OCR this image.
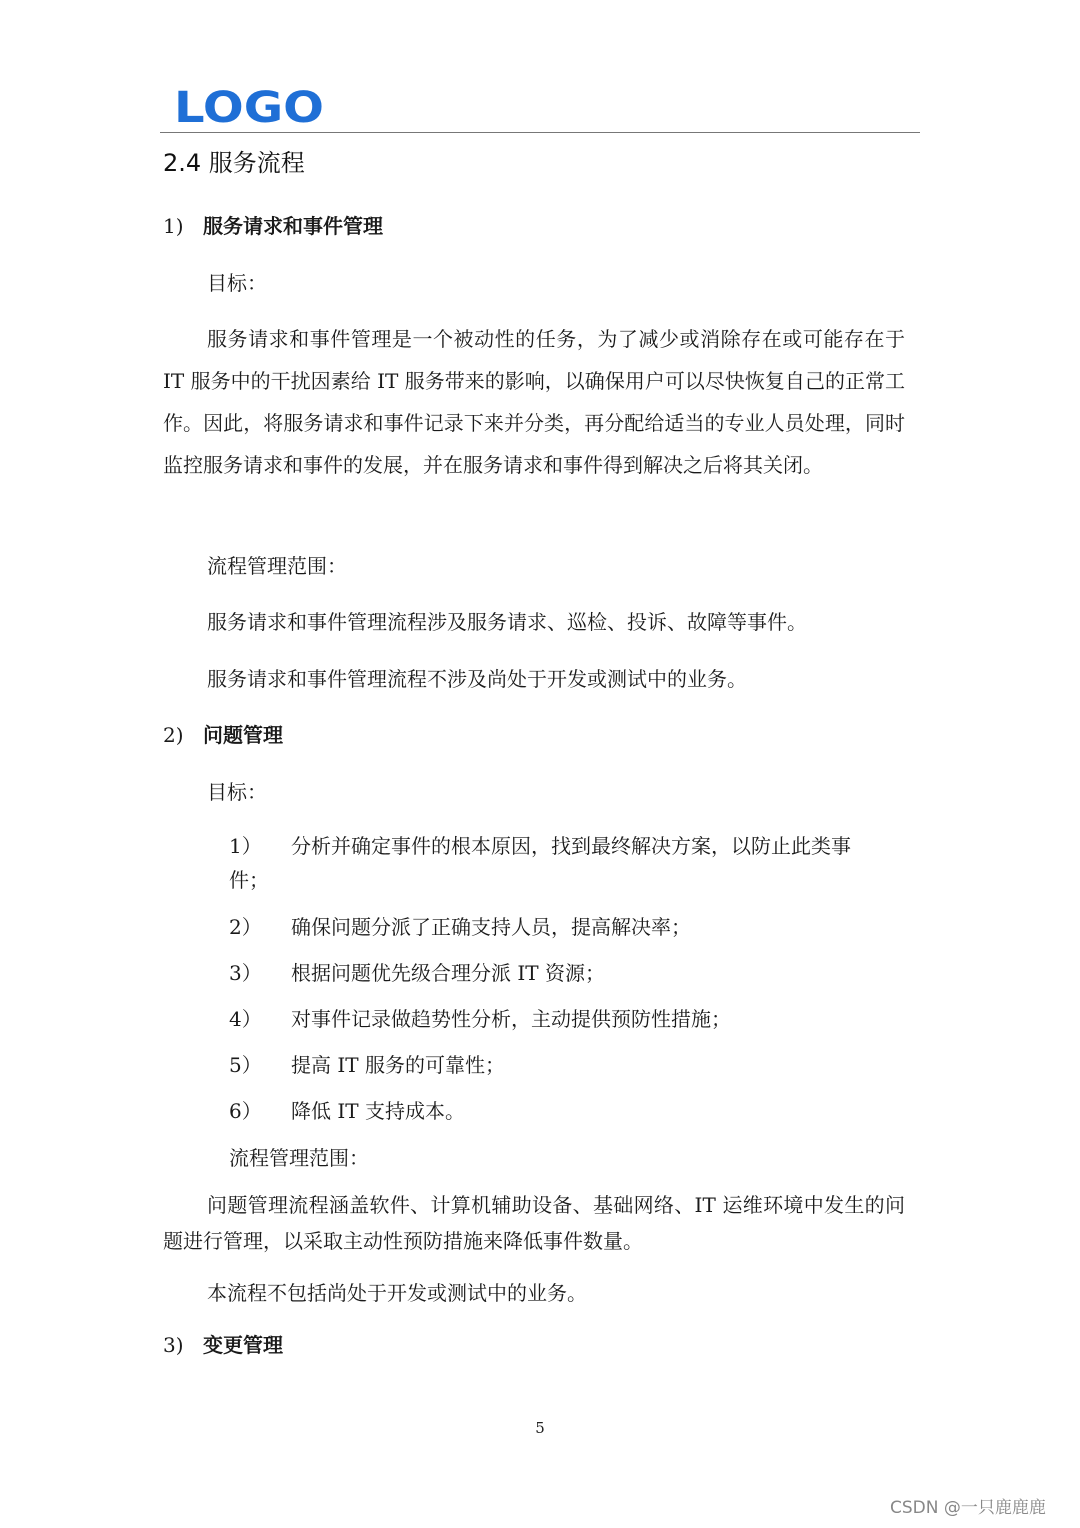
LOGO
2.4 服务流程
1) 服务请求和事件管理
目标：
服务请求和事件管理是一个被动性的任务，为了减少或消除存在或可能存在于 IT 服务中的干扰因素给 IT 服务带来的影响，以确保用户可以尽快恢复自己的正常工作。因此，将服务请求和事件记录下来并分类，再分配给适当的专业人员处理，同时监控服务请求和事件的发展，并在服务请求和事件得到解决之后将其关闭。
流程管理范围：
服务请求和事件管理流程涉及服务请求、巡检、投诉、故障等事件。
服务请求和事件管理流程不涉及尚处于开发或测试中的业务。
2) 问题管理
目标：
1） 分析并确定事件的根本原因，找到最终解决方案，以防止此类事
件；
2） 确保问题分派了正确支持人员，提高解决率；
3） 根据问题优先级合理分派 IT 资源；
4） 对事件记录做趋势性分析，主动提供预防性措施；
5） 提高 IT 服务的可靠性；
6） 降低 IT 支持成本。
流程管理范围：
问题管理流程涵盖软件、计算机辅助设备、基础网络、IT 运维环境中发生的问题进行管理，以采取主动性预防措施来降低事件数量。
本流程不包括尚处于开发或测试中的业务。
3) 变更管理
5
CSDN @一只鹿鹿鹿
